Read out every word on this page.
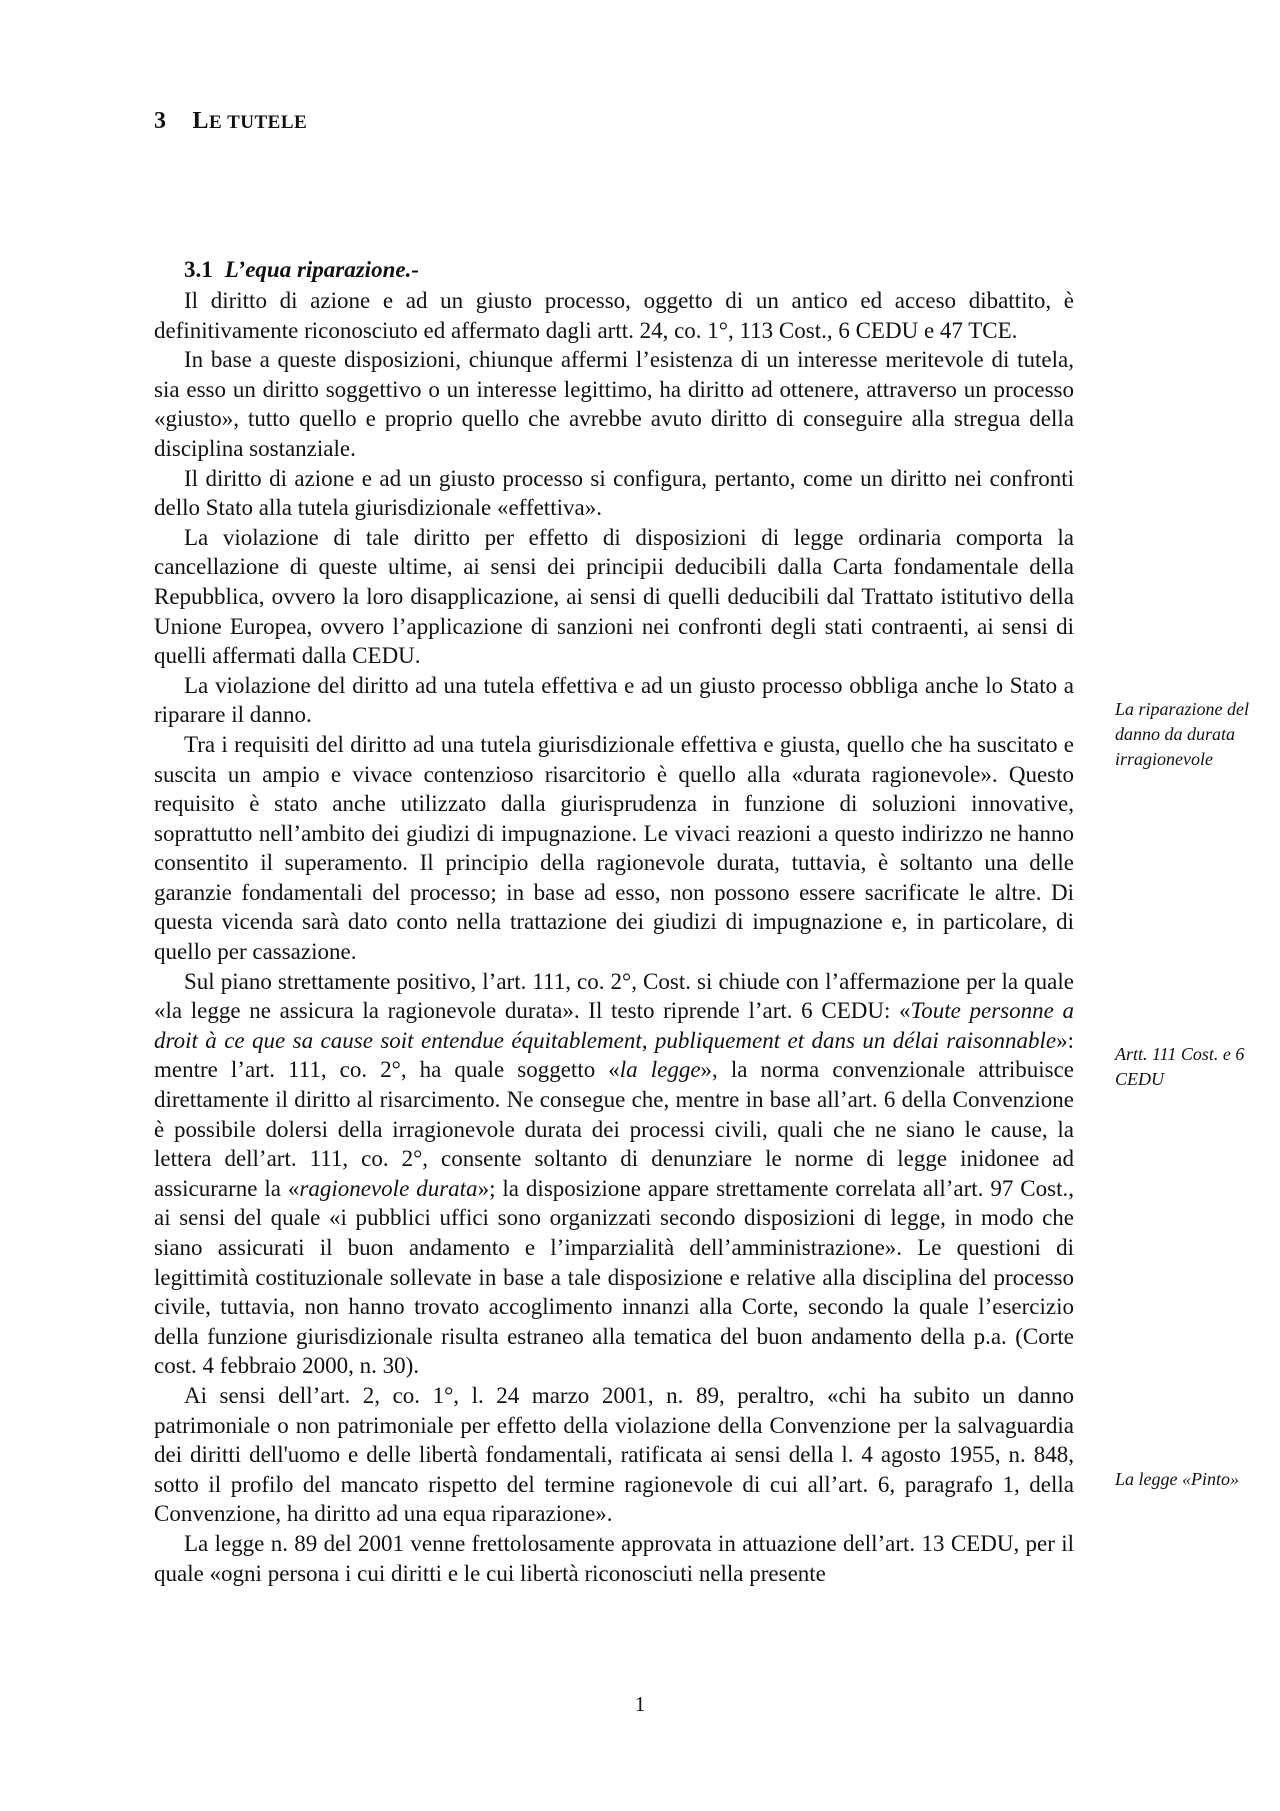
3 LE TUTELE
3.1 L’equa riparazione.-

Il diritto di azione e ad un giusto processo, oggetto di un antico ed acceso dibattito, è definitivamente riconosciuto ed affermato dagli artt. 24, co. 1°, 113 Cost., 6 CEDU e 47 TCE.

In base a queste disposizioni, chiunque affermi l’esistenza di un interesse meritevole di tutela, sia esso un diritto soggettivo o un interesse legittimo, ha diritto ad ottenere, attraverso un processo «giusto», tutto quello e proprio quello che avrebbe avuto diritto di conseguire alla stregua della disciplina sostanziale.

Il diritto di azione e ad un giusto processo si configura, pertanto, come un diritto nei confronti dello Stato alla tutela giurisdizionale «effettiva».

La violazione di tale diritto per effetto di disposizioni di legge ordinaria comporta la cancellazione di queste ultime, ai sensi dei principii deducibili dalla Carta fondamentale della Repubblica, ovvero la loro disapplicazione, ai sensi di quelli deducibili dal Trattato istitutivo della Unione Europea, ovvero l’applicazione di sanzioni nei confronti degli stati contraenti, ai sensi di quelli affermati dalla CEDU.

La violazione del diritto ad una tutela effettiva e ad un giusto processo obbliga anche lo Stato a riparare il danno.

Tra i requisiti del diritto ad una tutela giurisdizionale effettiva e giusta, quello che ha suscitato e suscita un ampio e vivace contenzioso risarcitorio è quello alla «durata ragionevole». Questo requisito è stato anche utilizzato dalla giurisprudenza in funzione di soluzioni innovative, soprattutto nell’ambito dei giudizi di impugnazione. Le vivaci reazioni a questo indirizzo ne hanno consentito il superamento. Il principio della ragionevole durata, tuttavia, è soltanto una delle garanzie fondamentali del processo; in base ad esso, non possono essere sacrificate le altre. Di questa vicenda sarà dato conto nella trattazione dei giudizi di impugnazione e, in particolare, di quello per cassazione.

Sul piano strettamente positivo, l’art. 111, co. 2°, Cost. si chiude con l’affermazione per la quale «la legge ne assicura la ragionevole durata». Il testo riprende l’art. 6 CEDU: «Toute personne a droit à ce que sa cause soit entendue équitablement, publiquement et dans un délai raisonnable»: mentre l’art. 111, co. 2°, ha quale soggetto «la legge», la norma convenzionale attribuisce direttamente il diritto al risarcimento. Ne consegue che, mentre in base all’art. 6 della Convenzione è possibile dolersi della irragionevole durata dei processi civili, quali che ne siano le cause, la lettera dell’art. 111, co. 2°, consente soltanto di denunziare le norme di legge inidonee ad assicurarne la «ragionevole durata»; la disposizione appare strettamente correlata all’art. 97 Cost., ai sensi del quale «i pubblici uffici sono organizzati secondo disposizioni di legge, in modo che siano assicurati il buon andamento e l’imparzialità dell’amministrazione». Le questioni di legittimità costituzionale sollevate in base a tale disposizione e relative alla disciplina del processo civile, tuttavia, non hanno trovato accoglimento innanzi alla Corte, secondo la quale l’esercizio della funzione giurisdizionale risulta estraneo alla tematica del buon andamento della p.a. (Corte cost. 4 febbraio 2000, n. 30).

Ai sensi dell’art. 2, co. 1°, l. 24 marzo 2001, n. 89, peraltro, «chi ha subito un danno patrimoniale o non patrimoniale per effetto della violazione della Convenzione per la salvaguardia dei diritti dell'uomo e delle libertà fondamentali, ratificata ai sensi della l. 4 agosto 1955, n. 848, sotto il profilo del mancato rispetto del termine ragionevole di cui all’art. 6, paragrafo 1, della Convenzione, ha diritto ad una equa riparazione».

La legge n. 89 del 2001 venne frettolosamente approvata in attuazione dell’art. 13 CEDU, per il quale «ogni persona i cui diritti e le cui libertà riconosciuti nella presente

La riparazione del danno da durata irragionevole
Artt. 111 Cost. e 6 CEDU
La legge «Pinto»
1
